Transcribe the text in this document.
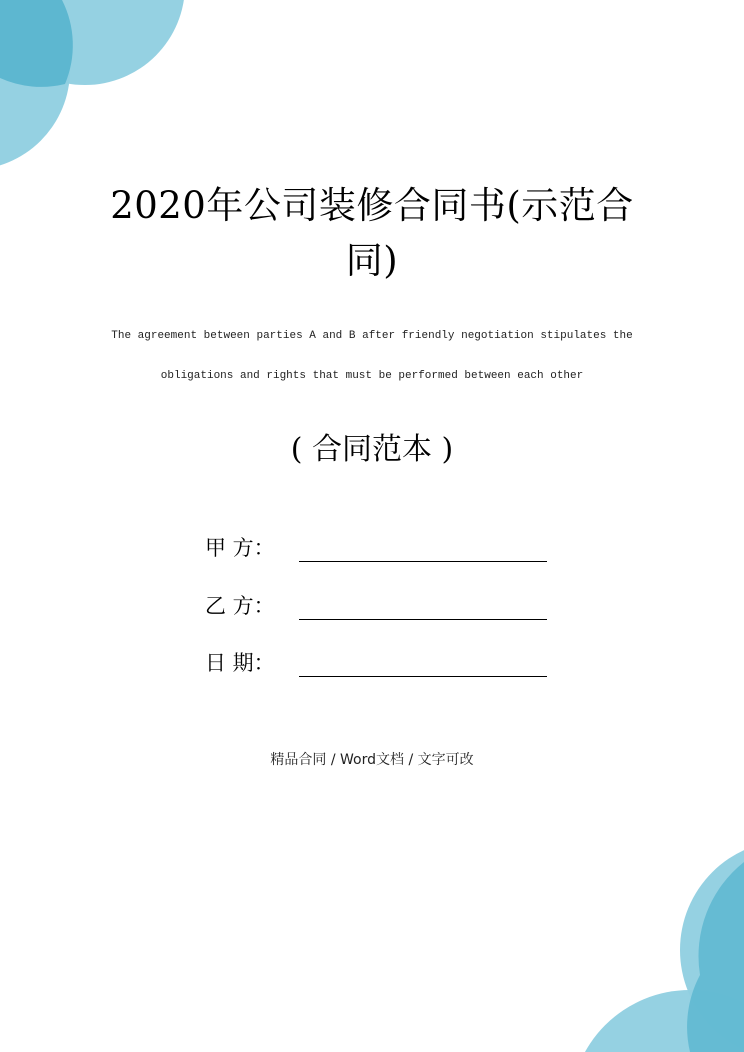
2020年公司装修合同书(示范合
同)
The agreement between parties A and B after friendly negotiation stipulates the
obligations and rights that must be performed between each other
( 合同范本 )
甲 方：
乙 方：
日 期：
精品合同 / Word文档 / 文字可改
